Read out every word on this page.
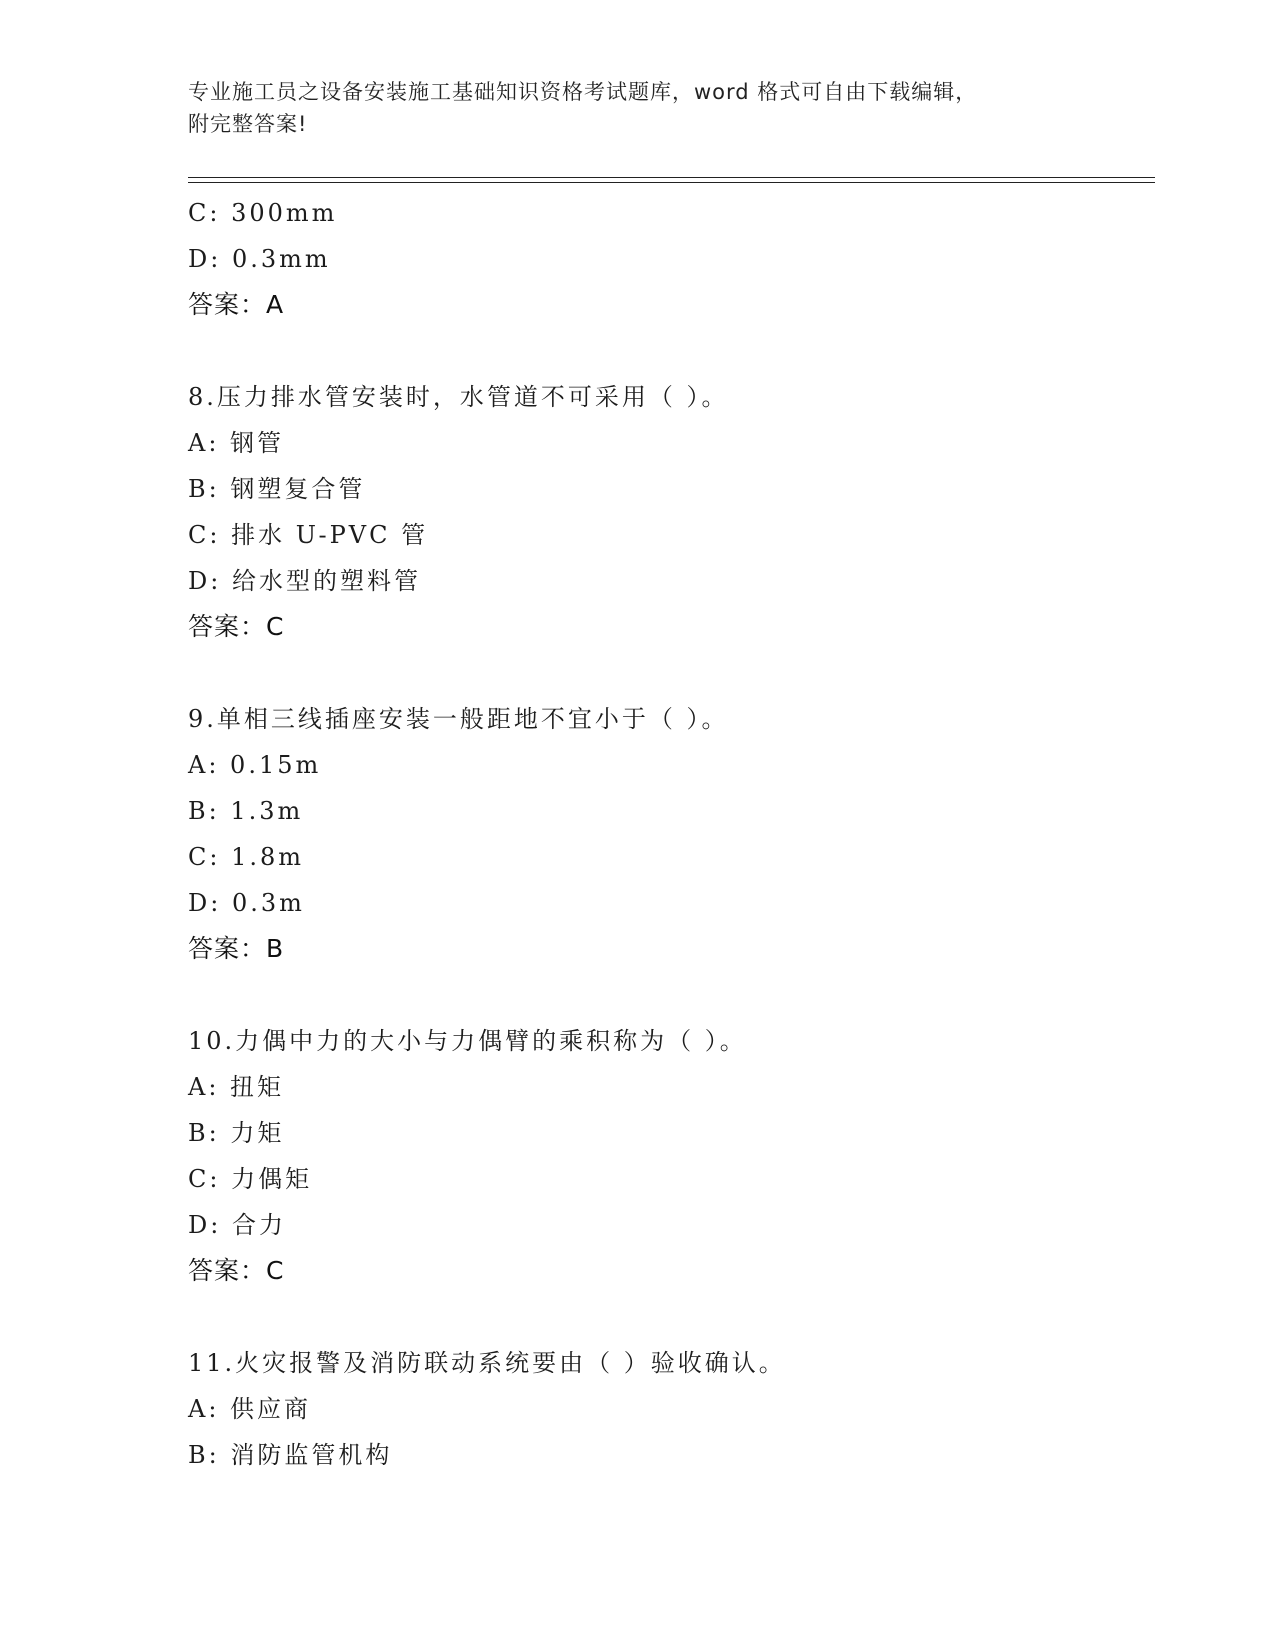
专业施工员之设备安装施工基础知识资格考试题库，word 格式可自由下载编辑，
附完整答案!
C: 300mm
D: 0.3mm
答案：A
8.压力排水管安装时，水管道不可采用（ ）。
A: 钢管
B: 钢塑复合管
C: 排水 U-PVC 管
D: 给水型的塑料管
答案：C
9.单相三线插座安装一般距地不宜小于（ ）。
A: 0.15m
B: 1.3m
C: 1.8m
D: 0.3m
答案：B
10.力偶中力的大小与力偶臂的乘积称为（ ）。
A: 扭矩
B: 力矩
C: 力偶矩
D: 合力
答案：C
11.火灾报警及消防联动系统要由（ ）验收确认。
A: 供应商
B: 消防监管机构
